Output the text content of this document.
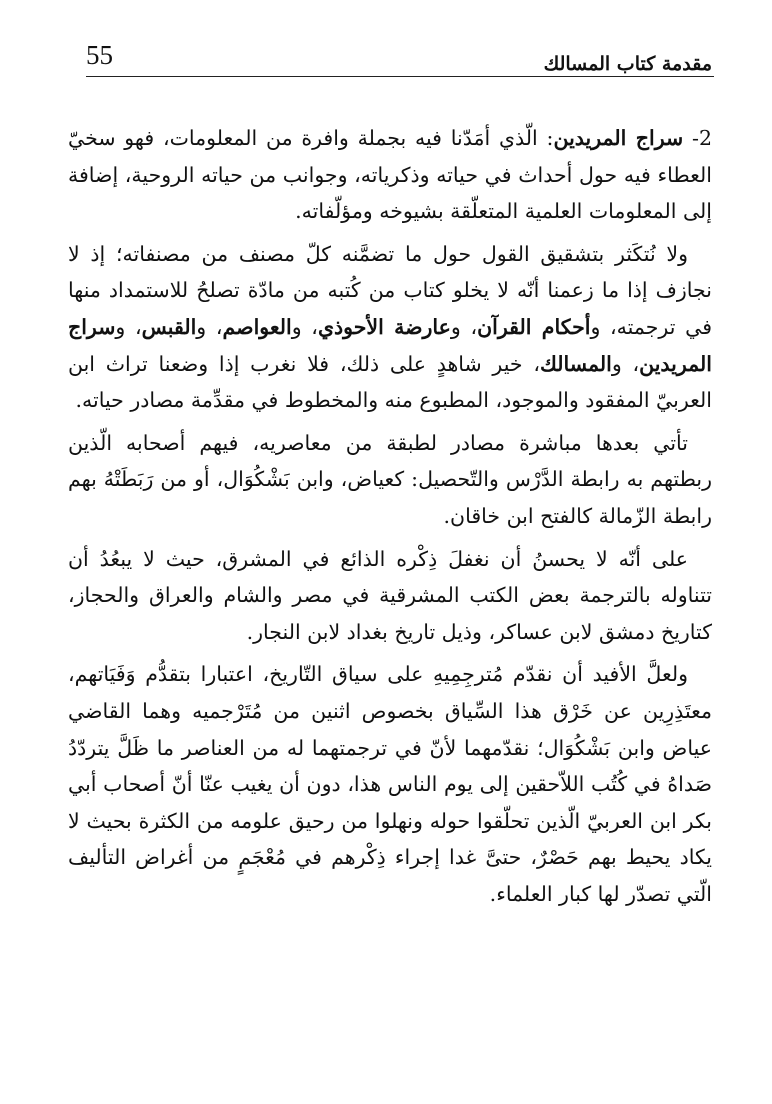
55	مقدمة كتاب المسالك

2- سراج المريدين: الّذي أمَدّنا فيه بجملة وافرة من المعلومات، فهو سخيّ العطاء فيه حول أحداث في حياته وذكرياته، وجوانب من حياته الروحية، إضافة إلى المعلومات العلمية المتعلّقة بشيوخه ومؤلّفاته.

ولا نُتكَثر بتشقيق القول حول ما تضمَّنه كلّ مصنف من مصنفاته؛ إذ لا نجازف إذا ما زعمنا أنّه لا يخلو كتاب من كُتبه من مادّة تصلحُ للاستمداد منها في ترجمته، وأحكام القرآن، وعارضة الأحوذي، والعواصم، والقبس، وسراج المريدين، والمسالك، خير شاهدٍ على ذلك، فلا نغرب إذا وضعنا تراث ابن العربيّ المفقود والموجود، المطبوع منه والمخطوط في مقدِّمة مصادر حياته.

تأتي بعدها مباشرة مصادر لطبقة من معاصريه، فيهم أصحابه الّذين ربطتهم به رابطة الدَّرْس والتّحصيل: كعياض، وابن بَشْكُوَال، أو من رَبَطَتْهُ بهم رابطة الزّمالة كالفتح ابن خاقان.

على أنّه لا يحسنُ أن نغفلَ ذِكْره الذائع في المشرق، حيث لا يبعُدُ أن تتناوله بالترجمة بعض الكتب المشرقية في مصر والشام والعراق والحجاز، كتاريخ دمشق لابن عساكر، وذيل تاريخ بغداد لابن النجار.

ولعلَّ الأفيد أن نقدّم مُترجِمِيهِ على سياق التّاريخ، اعتبارا بتقدُّم وَفَيَاتهم، معتَذِرِين عن خَرْق هذا السِّياق بخصوص اثنين من مُتَرْجميه وهما القاضي عياض وابن بَشْكُوَال؛ نقدّمهما لأنّ في ترجمتهما له من العناصر ما ظَلَّ يتردّدُ صَداهُ في كُتُب اللاّحقين إلى يوم الناس هذا، دون أن يغيب عنّا أنّ أصحاب أبي بكر ابن العربيّ الّذين تحلّقوا حوله ونهلوا من رحيق علومه من الكثرة بحيث لا يكاد يحيط بهم حَصْرٌ، حتىَّ غدا إجراء ذِكْرهم في مُعْجَمٍ من أغراض التأليف الّتي تصدّر لها كبار العلماء.
